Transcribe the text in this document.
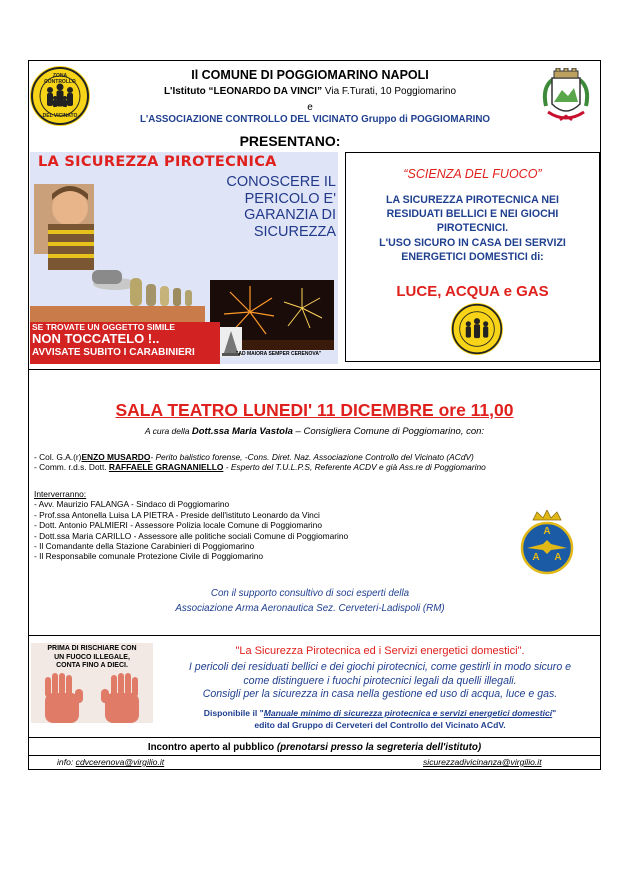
ZONA CONTROLLO
DEL VICINATO
Il COMUNE DI POGGIOMARINO NAPOLI
L'Istituto “LEONARDO DA VINCI” Via F.Turati, 10 Poggiomarino
e
L'ASSOCIAZIONE CONTROLLO DEL VICINATO Gruppo di POGGIOMARINO
PRESENTANO:
LA SICUREZZA PIROTECNICA
CONOSCERE IL
PERICOLO E'
GARANZIA DI
SICUREZZA
SE TROVATE UN OGGETTO SIMILE
NON TOCCATELO !..
AVVISATE SUBITO I CARABINIERI	"AD MAIORA SEMPER CERENOVA"
“SCIENZA DEL FUOCO”
LA SICUREZZA PIROTECNICA NEI
RESIDUATI BELLICI E NEI GIOCHI
PIROTECNICI.
L'USO SICURO IN CASA DEI SERVIZI
ENERGETICI DOMESTICI di:
LUCE, ACQUA e GAS
SALA TEATRO LUNEDI' 11 DICEMBRE ore 11,00
A cura della Dott.ssa Maria Vastola – Consigliera Comune di Poggiomarino, con:
- Col. G.A.(r)ENZO MUSARDO- Perito balistico forense, -Cons. Diret. Naz. Associazione Controllo del Vicinato (ACdV)
- Comm. r.d.s. Dott. RAFFAELE GRAGNANIELLO - Esperto del T.U.L.P.S, Referente ACDV e già Ass.re di Poggiomarino
Interverranno:
- Avv. Maurizio FALANGA - Sindaco di Poggiomarino
- Prof.ssa Antonella Luisa LA PIETRA - Preside dell'istituto Leonardo da Vinci
- Dott. Antonio PALMIERI - Assessore Polizia locale Comune di Poggiomarino
- Dott.ssa Maria CARILLO - Assessore alle politiche sociali Comune di Poggiomarino
- Il Comandante della Stazione Carabinieri di Poggiomarino
- Il Responsabile comunale Protezione Civile di Poggiomarino
A
A A
Con il supporto consultivo di soci esperti della
Associazione Arma Aeronautica Sez. Cerveteri-Ladispoli (RM)
PRIMA DI RISCHIARE CON
UN FUOCO ILLEGALE,
CONTA FINO A DIECI.
"La Sicurezza Pirotecnica ed i Servizi energetici domestici".
I pericoli dei residuati bellici e dei giochi pirotecnici, come gestirli in modo sicuro e
come distinguere i fuochi pirotecnici legali da quelli illegali.
Consigli per la sicurezza in casa nella gestione ed uso di acqua, luce e gas.
Disponibile il "Manuale minimo di sicurezza pirotecnica e servizi energetici domestici"
edito dal Gruppo di Cerveteri del Controllo del Vicinato ACdV.
Incontro aperto al pubblico (prenotarsi presso la segreteria dell'istituto)
info: cdvcerenova@virgilio.it	sicurezzadivicinanza@virgilio.it
